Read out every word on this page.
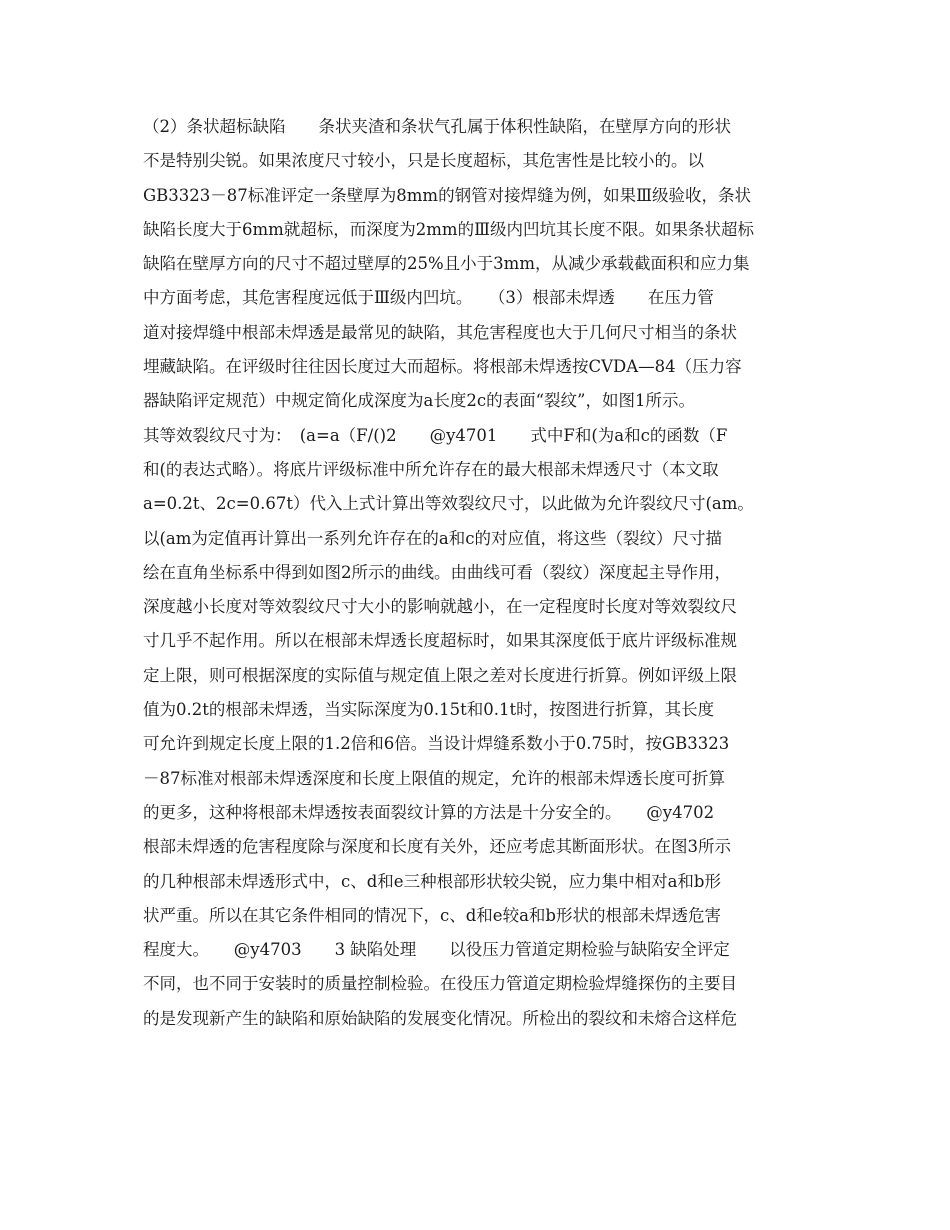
（2）条状超标缺陷　　条状夹渣和条状气孔属于体积性缺陷，在壁厚方向的形状
不是特别尖锐。如果浓度尺寸较小，只是长度超标，其危害性是比较小的。以
GB3323－87标准评定一条壁厚为8mm的钢管对接焊缝为例，如果Ⅲ级验收，条状
缺陷长度大于6mm就超标，而深度为2mm的Ⅲ级内凹坑其长度不限。如果条状超标
缺陷在壁厚方向的尺寸不超过壁厚的25%且小于3mm，从减少承载截面积和应力集
中方面考虑，其危害程度远低于Ⅲ级内凹坑。　　（3）根部未焊透　　在压力管
道对接焊缝中根部未焊透是最常见的缺陷，其危害程度也大于几何尺寸相当的条状
埋藏缺陷。在评级时往往因长度过大而超标。将根部未焊透按CVDA—84（压力容
器缺陷评定规范）中规定简化成深度为a长度2c的表面“裂纹”，如图1所示。
其等效裂纹尺寸为：　(a=a（F/()2　　@y4701　　式中F和(为a和c的函数（F
和(的表达式略）。将底片评级标准中所允许存在的最大根部未焊透尺寸（本文取
a=0.2t、2c=0.67t）代入上式计算出等效裂纹尺寸，以此做为允许裂纹尺寸(am。
以(am为定值再计算出一系列允许存在的a和c的对应值，将这些（裂纹）尺寸描
绘在直角坐标系中得到如图2所示的曲线。由曲线可看（裂纹）深度起主导作用，
深度越小长度对等效裂纹尺寸大小的影响就越小，在一定程度时长度对等效裂纹尺
寸几乎不起作用。所以在根部未焊透长度超标时，如果其深度低于底片评级标准规
定上限，则可根据深度的实际值与规定值上限之差对长度进行折算。例如评级上限
值为0.2t的根部未焊透，当实际深度为0.15t和0.1t时，按图进行折算，其长度
可允许到规定长度上限的1.2倍和6倍。当设计焊缝系数小于0.75时，按GB3323
－87标准对根部未焊透深度和长度上限值的规定，允许的根部未焊透长度可折算
的更多，这种将根部未焊透按表面裂纹计算的方法是十分安全的。　　@y4702
根部未焊透的危害程度除与深度和长度有关外，还应考虑其断面形状。在图3所示
的几种根部未焊透形式中，c、d和e三种根部形状较尖锐，应力集中相对a和b形
状严重。所以在其它条件相同的情况下，c、d和e较a和b形状的根部未焊透危害
程度大。　　@y4703　　3 缺陷处理　　以役压力管道定期检验与缺陷安全评定
不同，也不同于安装时的质量控制检验。在役压力管道定期检验焊缝探伤的主要目
的是发现新产生的缺陷和原始缺陷的发展变化情况。所检出的裂纹和未熔合这样危
